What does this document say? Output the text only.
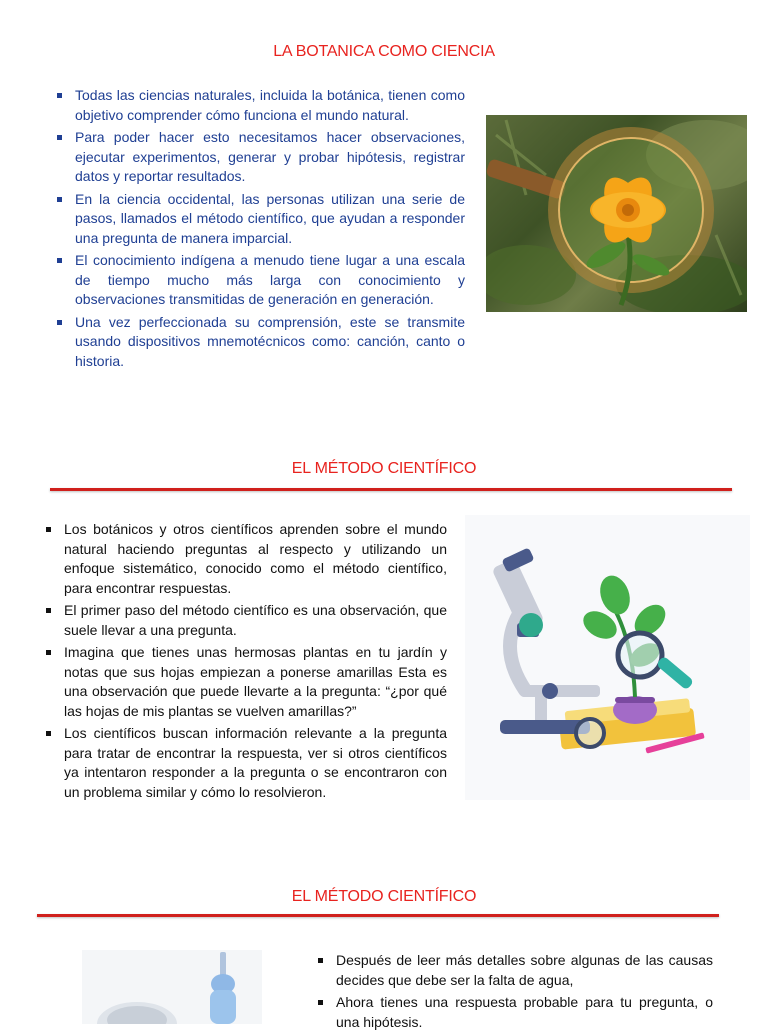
LA BOTANICA COMO CIENCIA
Todas las ciencias naturales, incluida la botánica, tienen como objetivo comprender cómo funciona el mundo natural.
Para poder hacer esto necesitamos hacer observaciones, ejecutar experimentos, generar y probar hipótesis, registrar datos y reportar resultados.
En la ciencia occidental, las personas utilizan una serie de pasos, llamados el método científico, que ayudan a responder una pregunta de manera imparcial.
El conocimiento indígena a menudo tiene lugar a una escala de tiempo mucho más larga con conocimiento y observaciones transmitidas de generación en generación.
Una vez perfeccionada su comprensión, este se transmite usando dispositivos mnemotécnicos como: canción, canto o historia.
EL MÉTODO CIENTÍFICO
Los botánicos y otros científicos aprenden sobre el mundo natural haciendo preguntas al respecto y utilizando un enfoque sistemático, conocido como el método científico, para encontrar respuestas.
El primer paso del método científico es una observación, que suele llevar a una pregunta.
Imagina que tienes unas hermosas plantas en tu jardín y notas que sus hojas empiezan a ponerse amarillas Esta es una observación que puede llevarte a la pregunta: “¿por qué las hojas de mis plantas se vuelven amarillas?”
Los científicos buscan información relevante a la pregunta para tratar de encontrar la respuesta, ver si otros científicos ya intentaron responder a la pregunta o se encontraron con un problema similar y cómo lo resolvieron.
EL MÉTODO CIENTÍFICO
Después de leer más detalles sobre algunas de las causas decides que debe ser la falta de agua,
Ahora tienes una respuesta probable para tu pregunta, o una hipótesis.
